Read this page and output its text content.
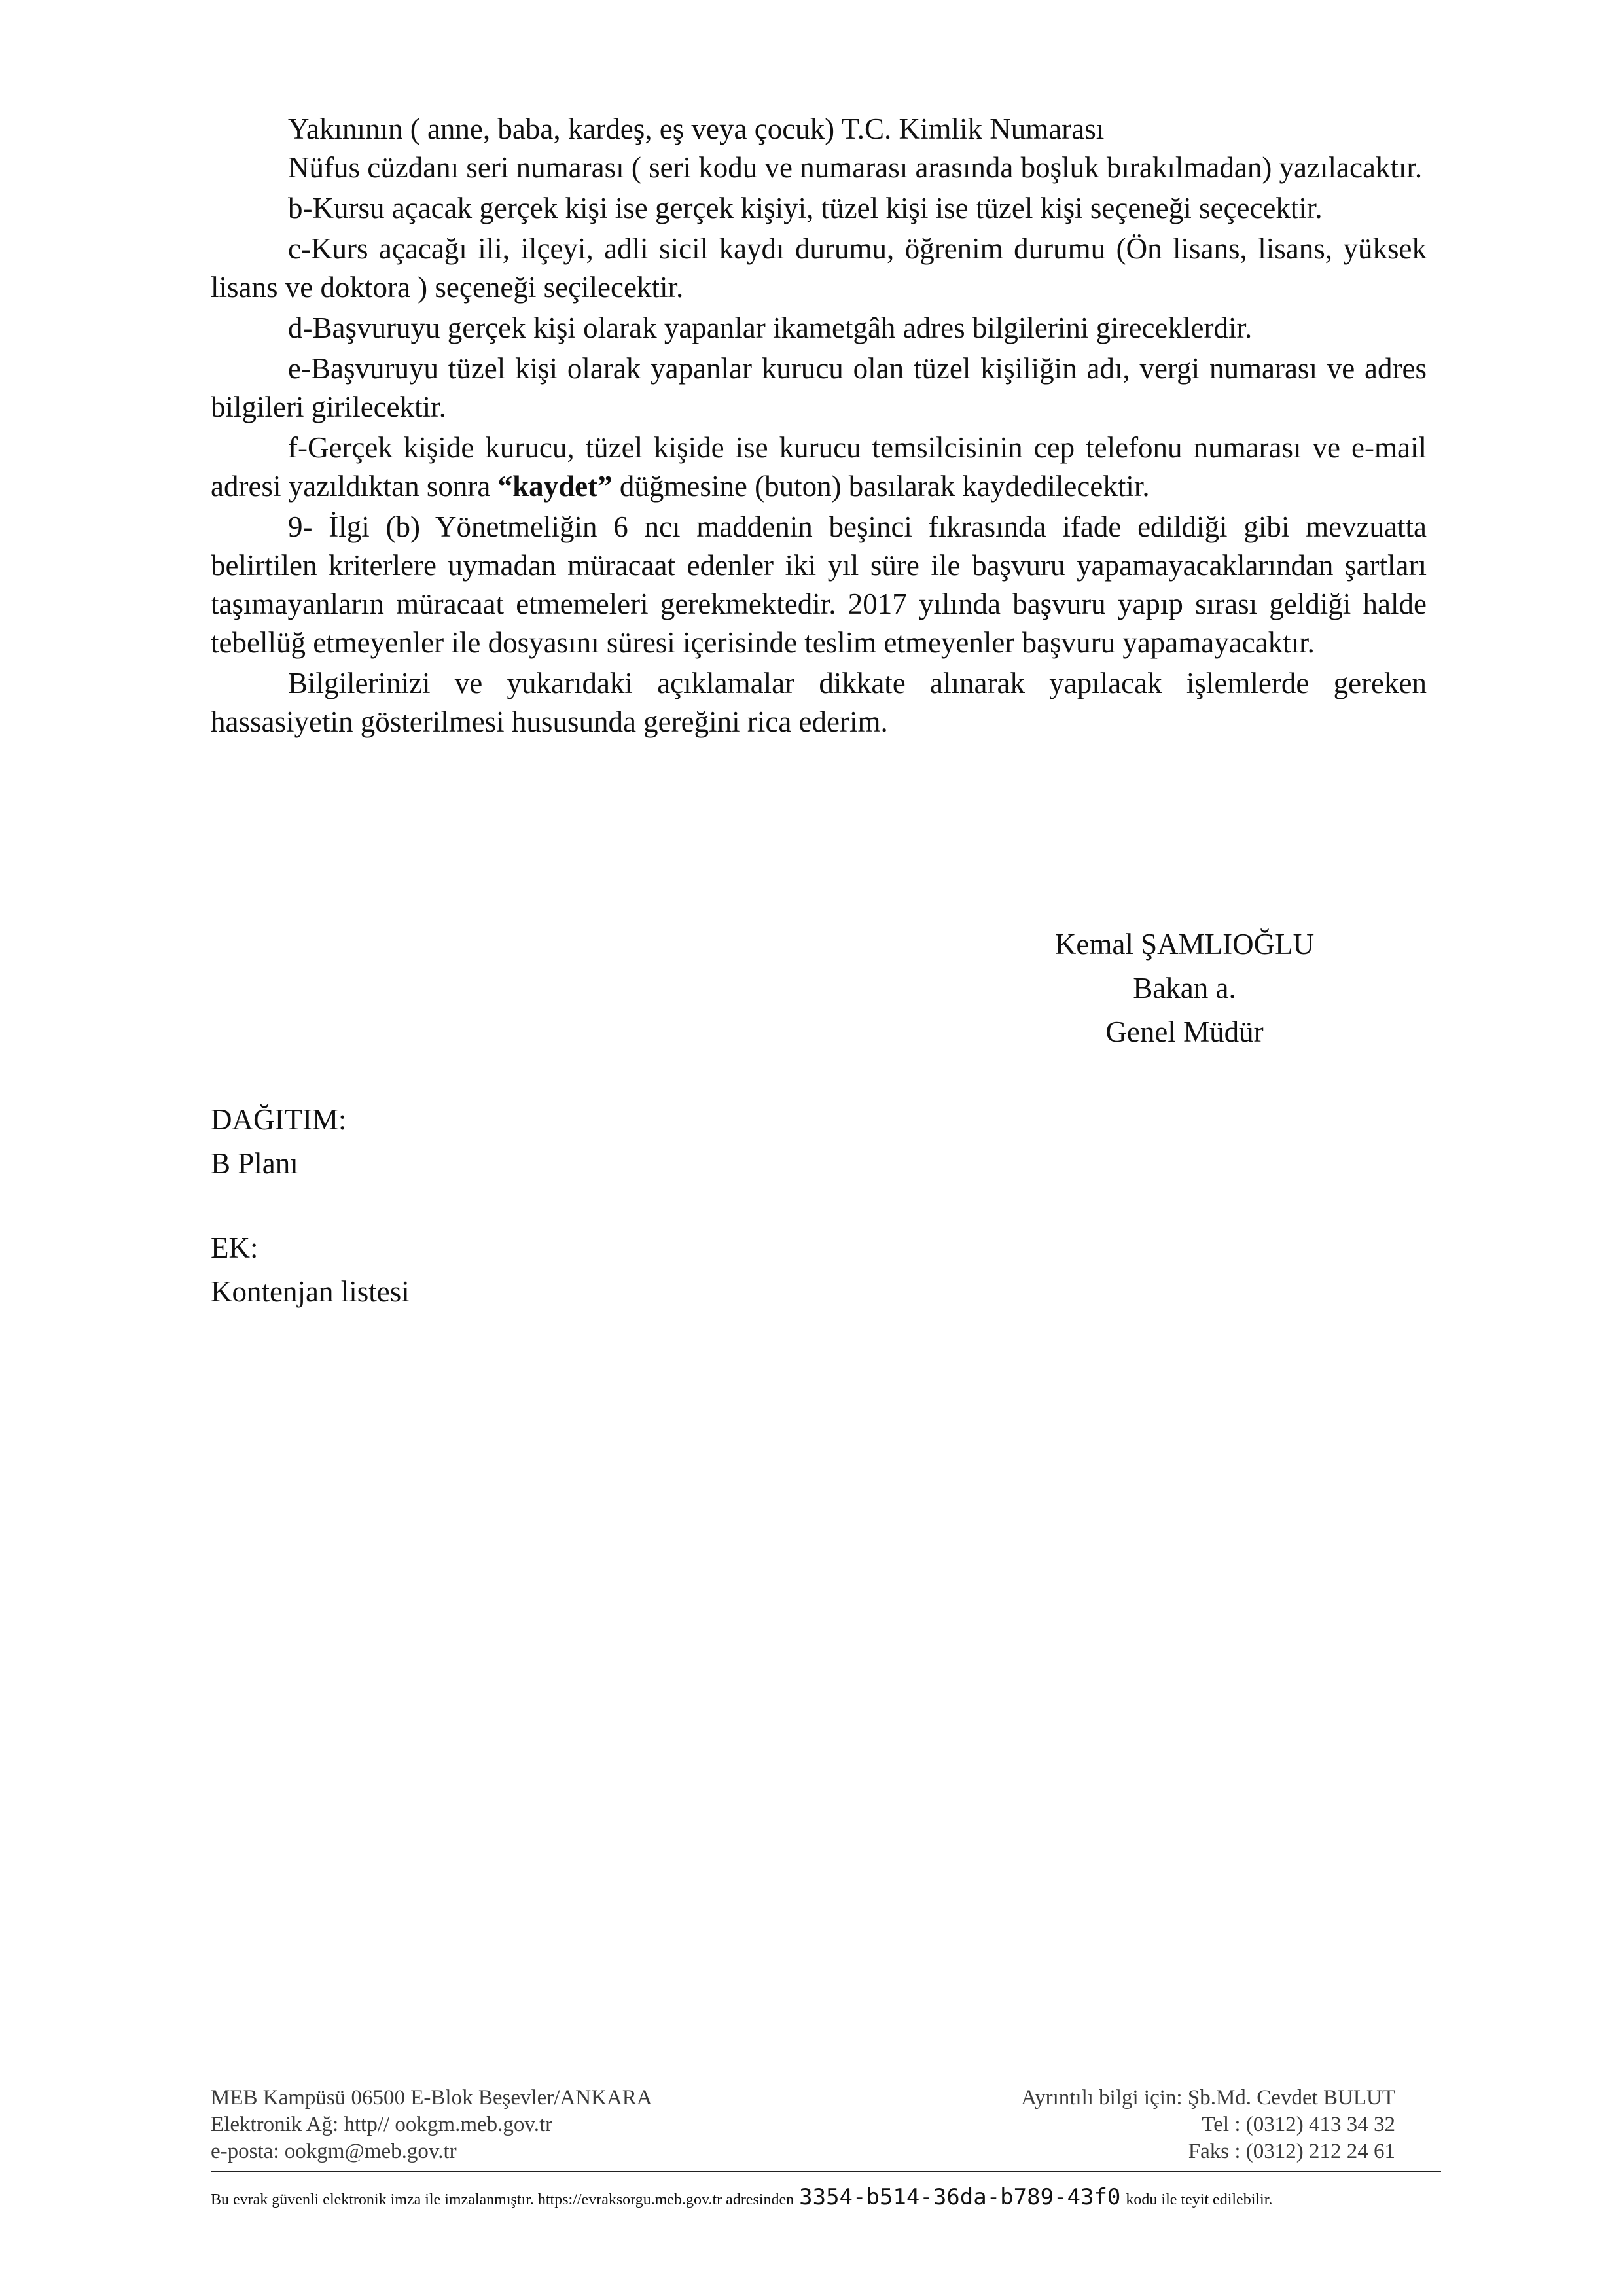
Yakınının ( anne, baba, kardeş, eş veya çocuk) T.C. Kimlik Numarası

Nüfus cüzdanı seri numarası ( seri kodu ve numarası arasında boşluk bırakılmadan) yazılacaktır.

b-Kursu açacak gerçek kişi ise gerçek kişiyi, tüzel kişi ise tüzel kişi seçeneği seçecektir.

c-Kurs açacağı ili, ilçeyi, adli sicil kaydı durumu, öğrenim durumu (Ön lisans, lisans, yüksek lisans ve doktora ) seçeneği seçilecektir.

d-Başvuruyu gerçek kişi olarak yapanlar ikametgâh adres bilgilerini gireceklerdir.

e-Başvuruyu tüzel kişi olarak yapanlar kurucu olan tüzel kişiliğin adı, vergi numarası ve adres bilgileri girilecektir.

f-Gerçek kişide kurucu, tüzel kişide ise kurucu temsilcisinin cep telefonu numarası ve e-mail adresi yazıldıktan sonra “kaydet” düğmesine (buton) basılarak kaydedilecektir.

9- İlgi (b) Yönetmeliğin 6 ncı maddenin beşinci fıkrasında ifade edildiği gibi mevzuatta belirtilen kriterlere uymadan müracaat edenler iki yıl süre ile başvuru yapamayacaklarından şartları taşımayanların müracaat etmemeleri gerekmektedir. 2017 yılında başvuru yapıp sırası geldiği halde tebellüğ etmeyenler ile dosyasını süresi içerisinde teslim etmeyenler başvuru yapamayacaktır.

Bilgilerinizi ve yukarıdaki açıklamalar dikkate alınarak yapılacak işlemlerde gereken hassasiyetin gösterilmesi hususunda gereğini rica ederim.

Kemal ŞAMLIOĞLU
Bakan a.
Genel Müdür
DAĞITIM:
B Planı
EK:
Kontenjan listesi
MEB Kampüsü 06500 E-Blok Beşevler/ANKARA	Ayrıntılı bilgi için: Şb.Md. Cevdet BULUT
Elektronik Ağ: http// ookgm.meb.gov.tr	Tel : (0312) 413 34 32
e-posta: ookgm@meb.gov.tr	Faks : (0312) 212 24 61
Bu evrak güvenli elektronik imza ile imzalanmıştır. https://evraksorgu.meb.gov.tr adresinden 3354-b514-36da-b789-43f0 kodu ile teyit edilebilir.
